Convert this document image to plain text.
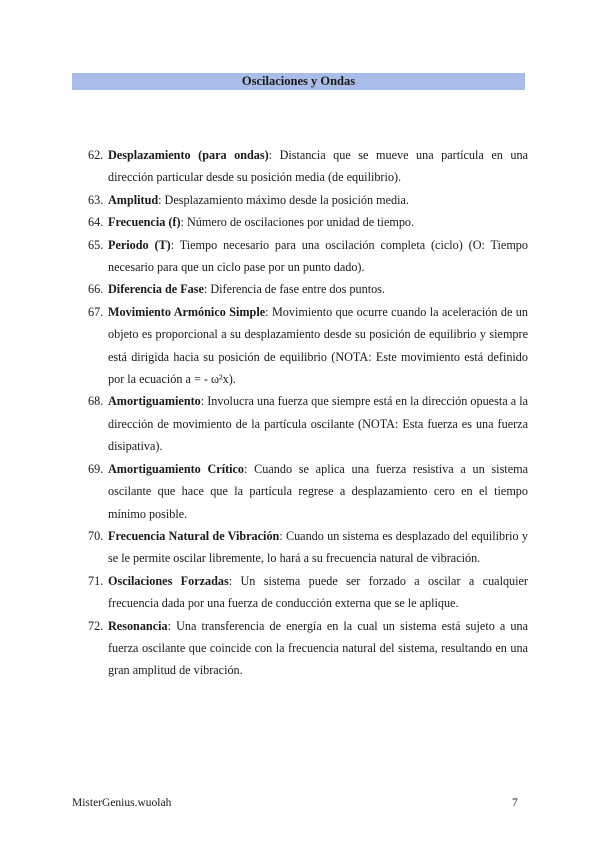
Oscilaciones y Ondas
62. Desplazamiento (para ondas): Distancia que se mueve una partícula en una dirección particular desde su posición media (de equilibrio).
63. Amplitud: Desplazamiento máximo desde la posición media.
64. Frecuencia (f): Número de oscilaciones por unidad de tiempo.
65. Periodo (T): Tiempo necesario para una oscilación completa (ciclo) (O: Tiempo necesario para que un ciclo pase por un punto dado).
66. Diferencia de Fase: Diferencia de fase entre dos puntos.
67. Movimiento Armónico Simple: Movimiento que ocurre cuando la aceleración de un objeto es proporcional a su desplazamiento desde su posición de equilibrio y siempre está dirigida hacia su posición de equilibrio (NOTA: Este movimiento está definido por la ecuación a = - ω²x).
68. Amortiguamiento: Involucra una fuerza que siempre está en la dirección opuesta a la dirección de movimiento de la partícula oscilante (NOTA: Esta fuerza es una fuerza disipativa).
69. Amortiguamiento Crítico: Cuando se aplica una fuerza resistiva a un sistema oscilante que hace que la partícula regrese a desplazamiento cero en el tiempo mínimo posible.
70. Frecuencia Natural de Vibración: Cuando un sistema es desplazado del equilibrio y se le permite oscilar libremente, lo hará a su frecuencia natural de vibración.
71. Oscilaciones Forzadas: Un sistema puede ser forzado a oscilar a cualquier frecuencia dada por una fuerza de conducción externa que se le aplique.
72. Resonancia: Una transferencia de energía en la cual un sistema está sujeto a una fuerza oscilante que coincide con la frecuencia natural del sistema, resultando en una gran amplitud de vibración.
MisterGenius.wuolah	7
